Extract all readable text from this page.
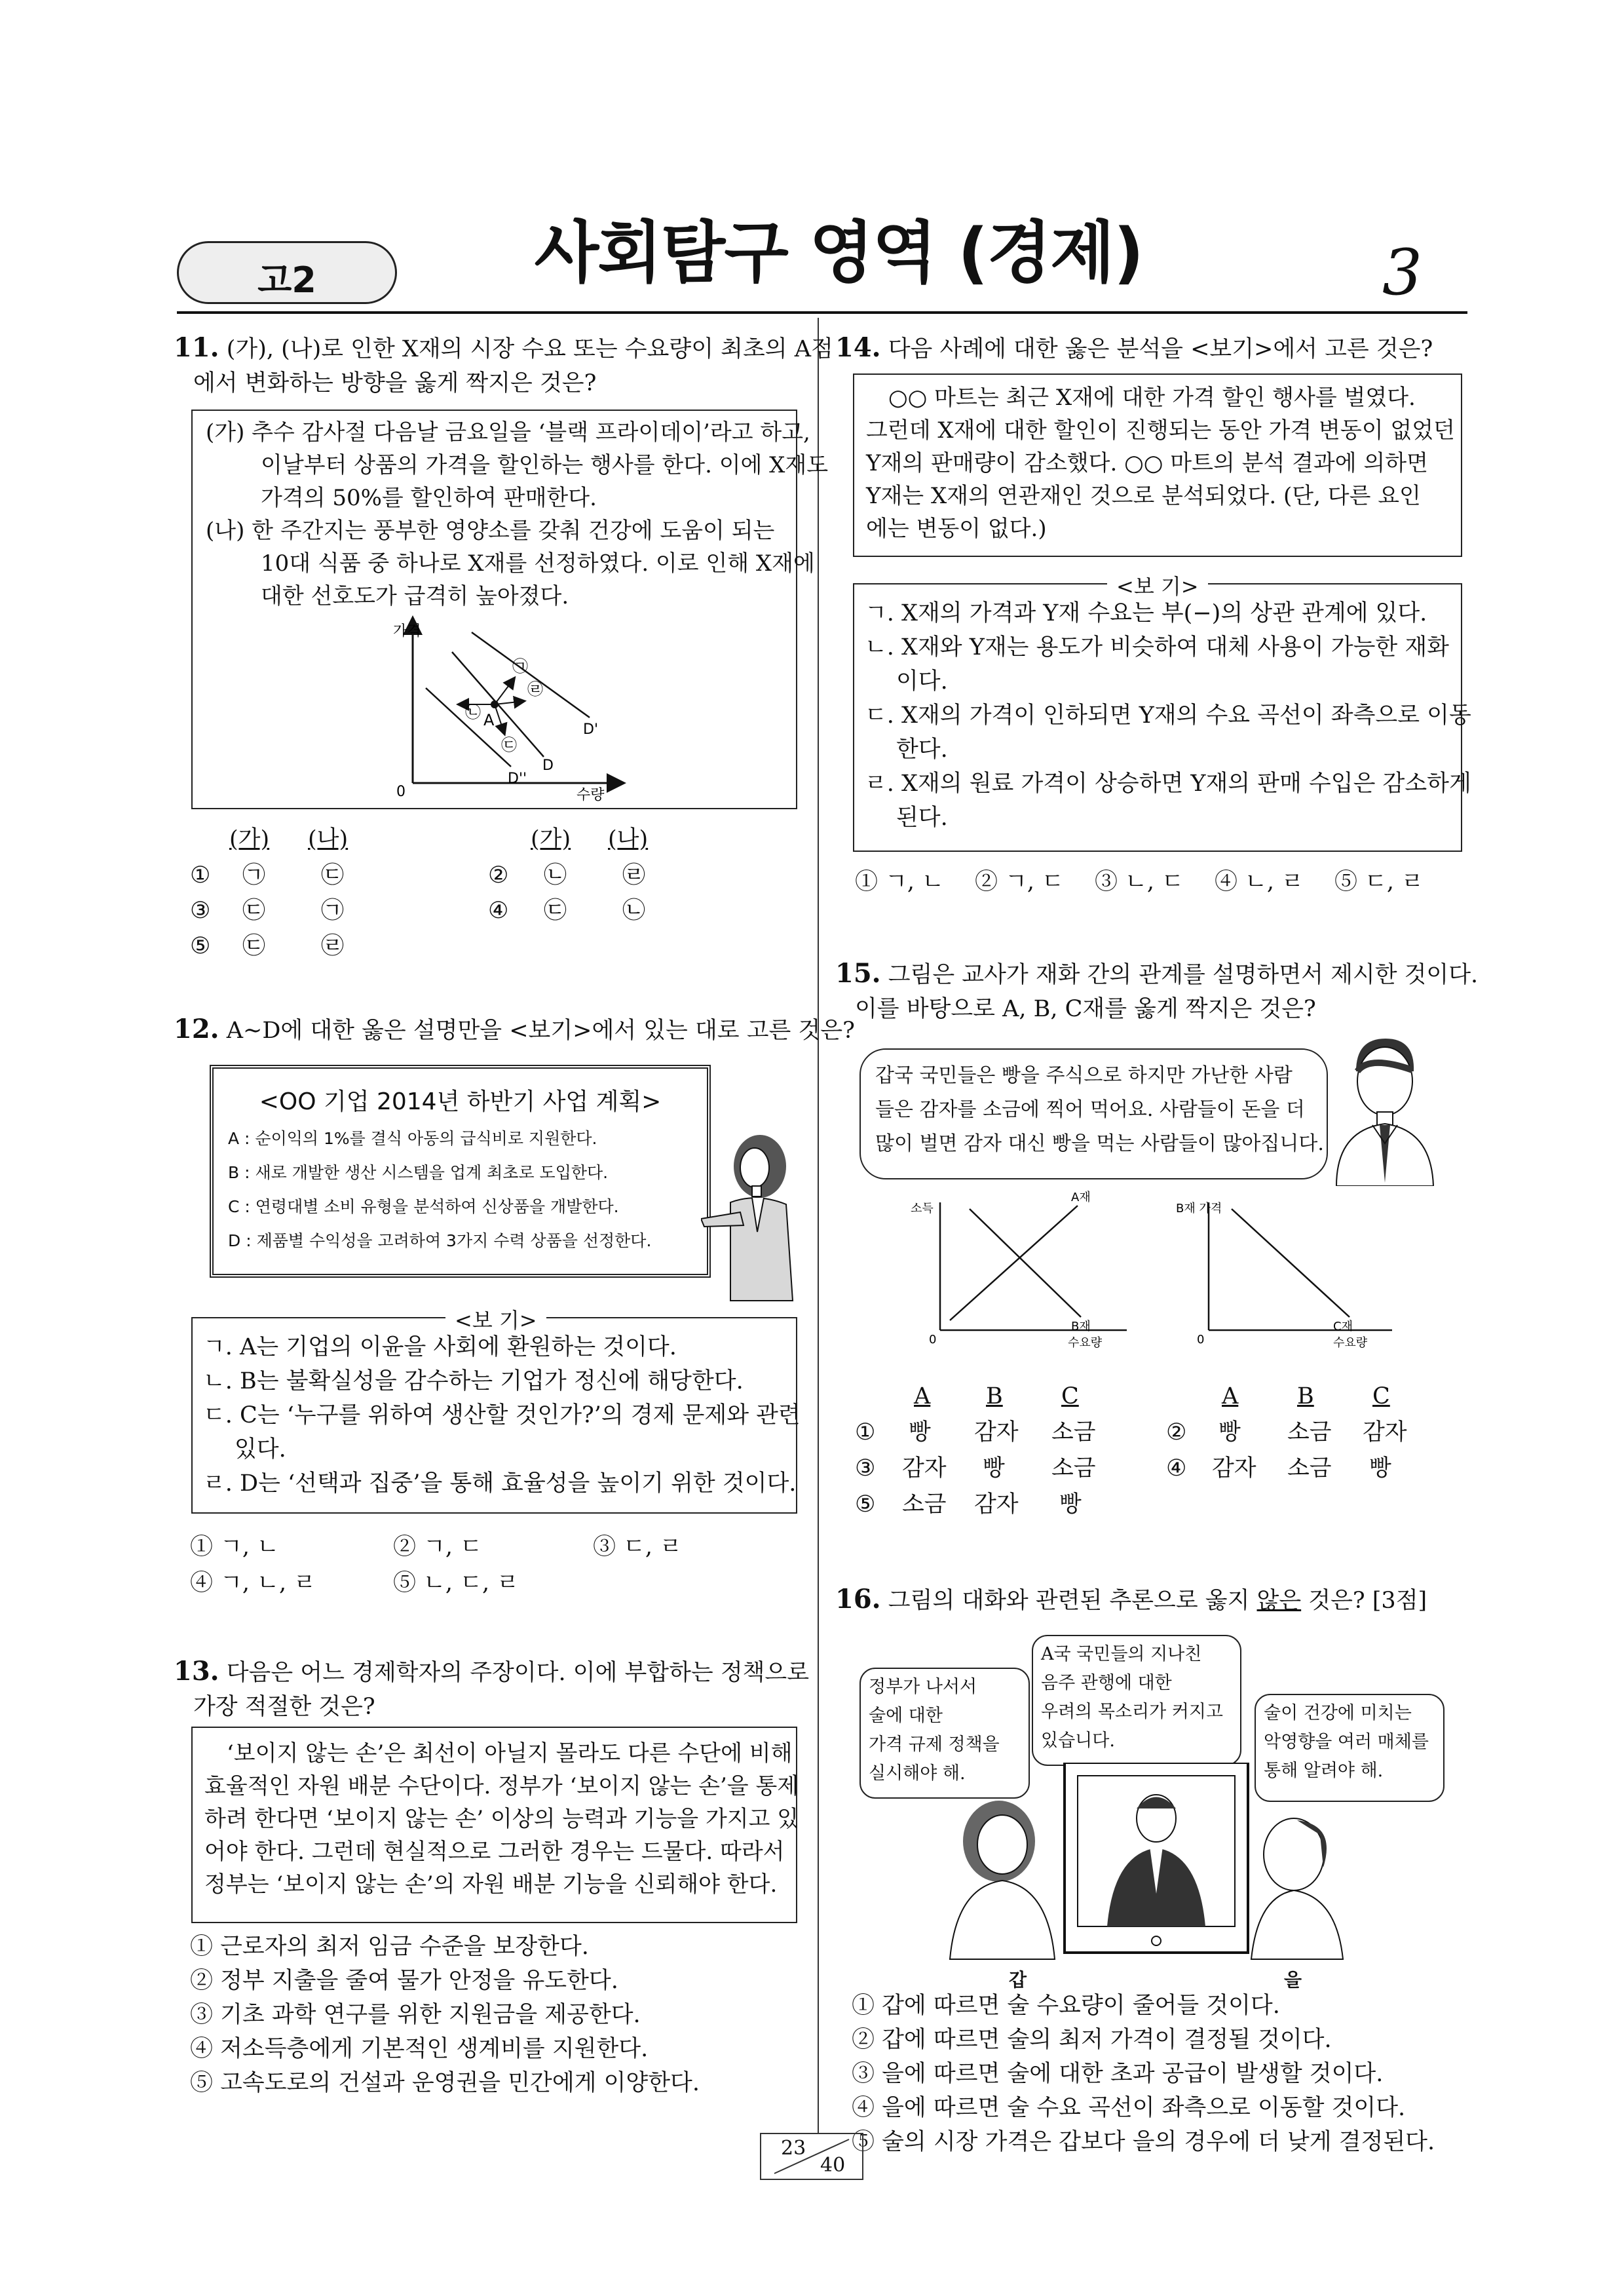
고2	사회탐구 영역 (경제)	3
11. (가), (나)로 인한 X재의 시장 수요 또는 수요량이 최초의 A점
에서 변화하는 방향을 옳게 짝지은 것은?
(가) 추수 감사절 다음날 금요일을 ‘블랙 프라이데이’라고 하고,
이날부터 상품의 가격을 할인하는 행사를 한다. 이에 X재도
가격의 50%를 할인하여 판매한다.
(나) 한 주간지는 풍부한 영양소를 갖춰 건강에 도움이 되는
10대 식품 중 하나로 X재를 선정하였다. 이로 인해 X재에
대한 선호도가 급격히 높아졌다.
가격
수량
0
A
㉠
㉡
㉢
㉣
D'
D
D''
(가) (나)	(가) (나)
① ㉠ ㉢	② ㉡ ㉣
③ ㉢ ㉠	④ ㉢ ㉡
⑤ ㉢ ㉣
12. A~D에 대한 옳은 설명만을 <보기>에서 있는 대로 고른 것은?
<OO 기업 2014년 하반기 사업 계획>
A : 순이익의 1%를 결식 아동의 급식비로 지원한다.
B : 새로 개발한 생산 시스템을 업계 최초로 도입한다.
C : 연령대별 소비 유형을 분석하여 신상품을 개발한다.
D : 제품별 수익성을 고려하여 3가지 수력 상품을 선정한다.
<보 기>
ㄱ. A는 기업의 이윤을 사회에 환원하는 것이다.
ㄴ. B는 불확실성을 감수하는 기업가 정신에 해당한다.
ㄷ. C는 ‘누구를 위하여 생산할 것인가?’의 경제 문제와 관련
있다.
ㄹ. D는 ‘선택과 집중’을 통해 효율성을 높이기 위한 것이다.
① ㄱ, ㄴ	② ㄱ, ㄷ	③ ㄷ, ㄹ
④ ㄱ, ㄴ, ㄹ	⑤ ㄴ, ㄷ, ㄹ
13. 다음은 어느 경제학자의 주장이다. 이에 부합하는 정책으로
가장 적절한 것은?
‘보이지 않는 손’은 최선이 아닐지 몰라도 다른 수단에 비해
효율적인 자원 배분 수단이다. 정부가 ‘보이지 않는 손’을 통제
하려 한다면 ‘보이지 않는 손’ 이상의 능력과 기능을 가지고 있
어야 한다. 그런데 현실적으로 그러한 경우는 드물다. 따라서
정부는 ‘보이지 않는 손’의 자원 배분 기능을 신뢰해야 한다.
① 근로자의 최저 임금 수준을 보장한다.
② 정부 지출을 줄여 물가 안정을 유도한다.
③ 기초 과학 연구를 위한 지원금을 제공한다.
④ 저소득층에게 기본적인 생계비를 지원한다.
⑤ 고속도로의 건설과 운영권을 민간에게 이양한다.
14. 다음 사례에 대한 옳은 분석을 <보기>에서 고른 것은?
○○ 마트는 최근 X재에 대한 가격 할인 행사를 벌였다.
그런데 X재에 대한 할인이 진행되는 동안 가격 변동이 없었던
Y재의 판매량이 감소했다. ○○ 마트의 분석 결과에 의하면
Y재는 X재의 연관재인 것으로 분석되었다. (단, 다른 요인
에는 변동이 없다.)
<보 기>
ㄱ. X재의 가격과 Y재 수요는 부(−)의 상관 관계에 있다.
ㄴ. X재와 Y재는 용도가 비슷하여 대체 사용이 가능한 재화
이다.
ㄷ. X재의 가격이 인하되면 Y재의 수요 곡선이 좌측으로 이동
한다.
ㄹ. X재의 원료 가격이 상승하면 Y재의 판매 수입은 감소하게
된다.
① ㄱ, ㄴ ② ㄱ, ㄷ ③ ㄴ, ㄷ ④ ㄴ, ㄹ ⑤ ㄷ, ㄹ
15. 그림은 교사가 재화 간의 관계를 설명하면서 제시한 것이다.
이를 바탕으로 A, B, C재를 옳게 짝지은 것은?
갑국 국민들은 빵을 주식으로 하지만 가난한 사람
들은 감자를 소금에 찍어 먹어요. 사람들이 돈을 더
많이 벌면 감자 대신 빵을 먹는 사람들이 많아집니다.
소득
수요량
0
A재
B재
B재 가격
수요량
0
C재
A B	C	A	B	C
① 빵 감자 소금	② 빵 소금 감자
③ 감자 빵 소금	④ 감자 소금 빵
⑤ 소금 감자 빵
16. 그림의 대화와 관련된 추론으로 옳지 않은 것은? [3점]
정부가 나서서
술에 대한
가격 규제 정책을
실시해야 해.
A국 국민들의 지나친
음주 관행에 대한
우려의 목소리가 커지고
있습니다.
술이 건강에 미치는
악영향을 여러 매체를
통해 알려야 해.
갑	을
① 갑에 따르면 술 수요량이 줄어들 것이다.
② 갑에 따르면 술의 최저 가격이 결정될 것이다.
③ 을에 따르면 술에 대한 초과 공급이 발생할 것이다.
④ 을에 따르면 술 수요 곡선이 좌측으로 이동할 것이다.
⑤ 술의 시장 가격은 갑보다 을의 경우에 더 낮게 결정된다.
23
40
